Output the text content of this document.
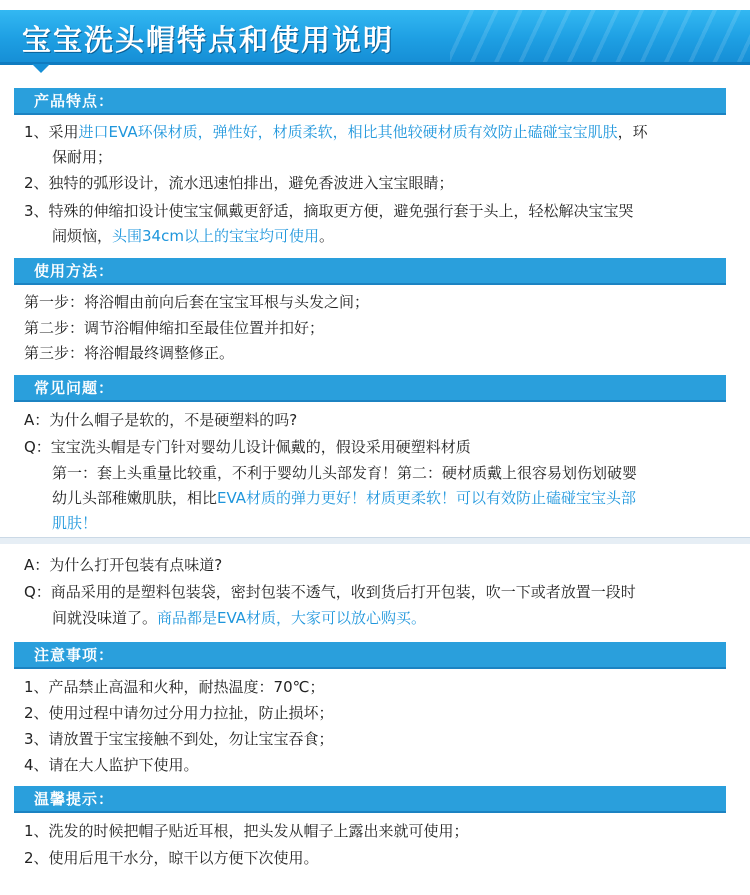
宝宝洗头帽特点和使用说明
产品特点：
1、采用进口EVA环保材质，弹性好，材质柔软，相比其他较硬材质有效防止磕碰宝宝肌肤，环
保耐用；
2、独特的弧形设计，流水迅速怕排出，避免香波进入宝宝眼睛；
3、特殊的伸缩扣设计使宝宝佩戴更舒适，摘取更方便，避免强行套于头上，轻松解决宝宝哭
闹烦恼，头围34cm以上的宝宝均可使用。
使用方法：
第一步：将浴帽由前向后套在宝宝耳根与头发之间；
第二步：调节浴帽伸缩扣至最佳位置并扣好；
第三步：将浴帽最终调整修正。
常见问题：
A：为什么帽子是软的，不是硬塑料的吗?
Q：宝宝洗头帽是专门针对婴幼儿设计佩戴的，假设采用硬塑料材质
第一：套上头重量比较重，不利于婴幼儿头部发育！第二：硬材质戴上很容易划伤划破婴
幼儿头部稚嫩肌肤，相比EVA材质的弹力更好！材质更柔软！可以有效防止磕碰宝宝头部
肌肤！
A：为什么打开包装有点味道?
Q：商品采用的是塑料包装袋，密封包装不透气，收到货后打开包装，吹一下或者放置一段时
间就没味道了。商品都是EVA材质，大家可以放心购买。
注意事项：
1、产品禁止高温和火种，耐热温度：70℃；
2、使用过程中请勿过分用力拉扯，防止损坏；
3、请放置于宝宝接触不到处，勿让宝宝吞食；
4、请在大人监护下使用。
温馨提示：
1、洗发的时候把帽子贴近耳根，把头发从帽子上露出来就可使用；
2、使用后甩干水分，晾干以方便下次使用。
